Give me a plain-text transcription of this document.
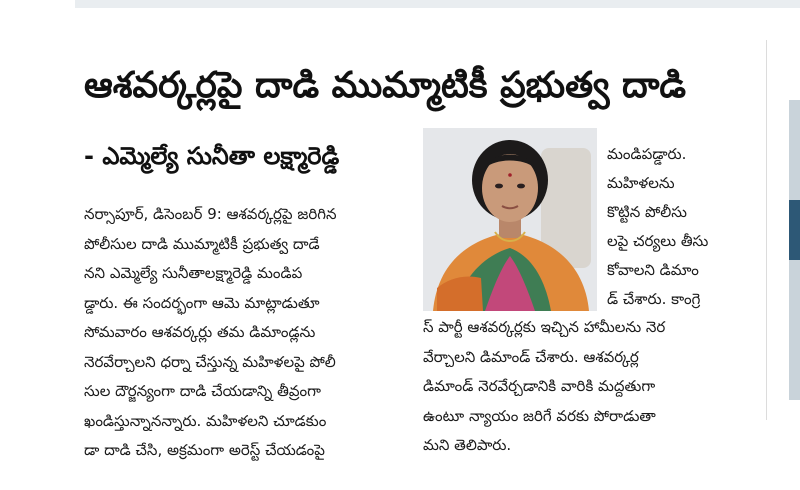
ఆశవర్కర్లపై దాడి ముమ్మాటికీ ప్రభుత్వ దాడి
- ఎమ్మెల్యే సునీతా లక్ష్మారెడ్డి
నర్సాపూర్, డిసెంబర్ 9: ఆశవర్కర్లపై జరిగిన
పోలీసుల దాడి ముమ్మాటికీ ప్రభుత్వ దాడే
నని ఎమ్మెల్యే సునీతాలక్ష్మారెడ్డి మండిప
డ్డారు. ఈ సందర్భంగా ఆమె మాట్లాడుతూ
సోమవారం ఆశవర్కర్లు తమ డిమాండ్లను
నెరవేర్చాలని ధర్నా చేస్తున్న మహిళలపై పోలీ
సుల దౌర్జన్యంగా దాడి చేయడాన్ని తీవ్రంగా
ఖండిస్తున్నానన్నారు. మహిళలని చూడకుం
డా దాడి చేసి, అక్రమంగా అరెస్ట్ చేయడంపై
మండిపడ్డారు.
మహిళలను
కొట్టిన పోలీసు
లపై చర్యలు తీసు
కోవాలని డిమాం
డ్ చేశారు. కాంగ్రె
స్ పార్టీ ఆశవర్కర్లకు ఇచ్చిన హామీలను నెర
వేర్చాలని డిమాండ్ చేశారు. ఆశవర్కర్ల
డిమాండ్ నెరవేర్చడానికి వారికి మద్దతుగా
ఉంటూ న్యాయం జరిగే వరకు పోరాడుతా
మని తెలిపారు.
